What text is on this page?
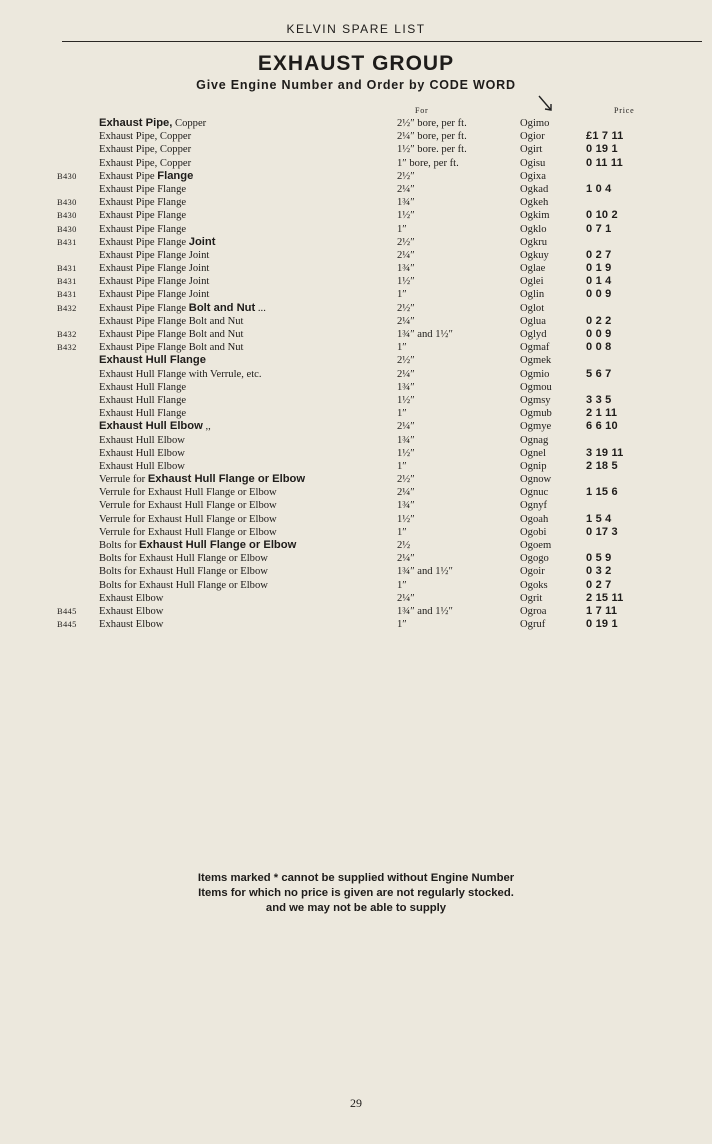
KELVIN SPARE LIST
EXHAUST GROUP
Give Engine Number and Order by CODE WORD
For	Price
Exhaust Pipe, Copper	2½″ bore, per ft.	Ogimo
Exhaust Pipe, Copper	2¼″ bore, per ft.	Ogior	£1 7 11
Exhaust Pipe, Copper	1½″ bore. per ft.	Ogirt	0 19 1
Exhaust Pipe, Copper	1″ bore, per ft.	Ogisu	0 11 11
B430 Exhaust Pipe Flange	2½″	Ogixa
Exhaust Pipe Flange	2¼″	Ogkad	1 0 4
B430 Exhaust Pipe Flange	1¾″	Ogkeh
B430 Exhaust Pipe Flange	1½″	Ogkim	0 10 2
B430 Exhaust Pipe Flange	1″	Ogklo	0 7 1
B431 Exhaust Pipe Flange Joint	2½″	Ogkru
Exhaust Pipe Flange Joint	2¼″	Ogkuy	0 2 7
B431 Exhaust Pipe Flange Joint	1¾″	Oglae	0 1 9
B431 Exhaust Pipe Flange Joint	1½″	Oglei	0 1 4
B431 Exhaust Pipe Flange Joint	1″	Oglin	0 0 9
B432 Exhaust Pipe Flange Bolt and Nut ...	2½″	Oglot
Exhaust Pipe Flange Bolt and Nut	2¼″	Oglua	0 2 2
B432 Exhaust Pipe Flange Bolt and Nut	1¾″ and 1½″	Oglyd	0 0 9
B432 Exhaust Pipe Flange Bolt and Nut	1″	Ogmaf	0 0 8
Exhaust Hull Flange	2½″	Ogmek
Exhaust Hull Flange with Verrule, etc.	2¼″	Ogmio	5 6 7
Exhaust Hull Flange	1¾″	Ogmou
Exhaust Hull Flange	1½″	Ogmsy	3 3 5
Exhaust Hull Flange	1″	Ogmub	2 1 11
Exhaust Hull Elbow ,,	2¼″	Ogmye	6 6 10
Exhaust Hull Elbow	1¾″	Ognag
Exhaust Hull Elbow	1½″	Ognel	3 19 11
Exhaust Hull Elbow	1″	Ognip	2 18 5
Verrule for Exhaust Hull Flange or Elbow	2½″	Ognow
Verrule for Exhaust Hull Flange or Elbow	2¼″	Ognuc	1 15 6
Verrule for Exhaust Hull Flange or Elbow	1¾″	Ognyf
Verrule for Exhaust Hull Flange or Elbow	1½″	Ogoah	1 5 4
Verrule for Exhaust Hull Flange or Elbow	1″	Ogobi	0 17 3
Bolts for Exhaust Hull Flange or Elbow	2½	Ogoem
Bolts for Exhaust Hull Flange or Elbow	2¼″	Ogogo	0 5 9
Bolts for Exhaust Hull Flange or Elbow	1¾″ and 1½″	Ogoir	0 3 2
Bolts for Exhaust Hull Flange or Elbow	1″	Ogoks	0 2 7
Exhaust Elbow	2¼″	Ogrit	2 15 11
B445 Exhaust Elbow	1¾″ and 1½″	Ogroa	1 7 11
B445 Exhaust Elbow	1″	Ogruf	0 19 1
Items marked * cannot be supplied without Engine Number
Items for which no price is given are not regularly stocked.
and we may not be able to supply
29
